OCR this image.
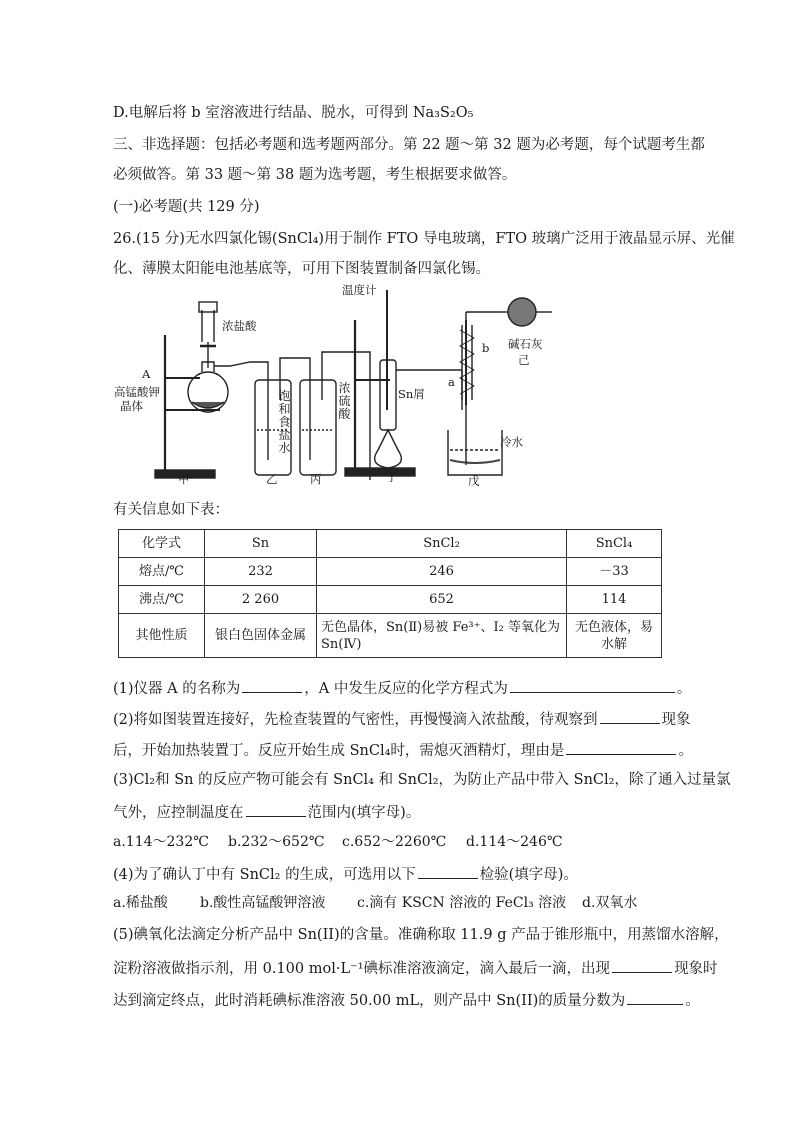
D.电解后将 b 室溶液进行结晶、脱水，可得到 Na₃S₂O₅
三、非选择题：包括必考题和选考题两部分。第 22 题～第 32 题为必考题，每个试题考生都
必须做答。第 33 题～第 38 题为选考题，考生根据要求做答。
(一)必考题(共 129 分)
26.(15 分)无水四氯化锡(SnCl₄)用于制作 FTO 导电玻璃，FTO 玻璃广泛用于液晶显示屏、光催
化、薄膜太阳能电池基底等，可用下图装置制备四氯化锡。
浓盐酸
A
高锰酸钾
晶体
饱和食盐水
浓硫酸
温度计
Sn屑
a
b 碱石灰
己
冷水
甲	乙	丙	丁	戊
有关信息如下表：
化学式	Sn	SnCl₂	SnCl₄
熔点/℃	232	246	－33
沸点/℃	2 260	652	114
其他性质	银白色固体金属	无色晶体，Sn(Ⅱ)易被 Fe³⁺、I₂ 等氧化为 Sn(Ⅳ)	无色液体，易水解
(1)仪器 A 的名称为	，A 中发生反应的化学方程式为	。
(2)将如图装置连接好，先检查装置的气密性，再慢慢滴入浓盐酸，待观察到	现象
后，开始加热装置丁。反应开始生成 SnCl₄时，需熄灭酒精灯，理由是	。
(3)Cl₂和 Sn 的反应产物可能会有 SnCl₄ 和 SnCl₂，为防止产品中带入 SnCl₂，除了通入过量氯
气外，应控制温度在	范围内(填字母)。
a.114～232℃ b.232～652℃ c.652～2260℃ d.114～246℃
(4)为了确认丁中有 SnCl₂ 的生成，可选用以下	检验(填字母)。
a.稀盐酸 b.酸性高锰酸钾溶液 c.滴有 KSCN 溶液的 FeCl₃ 溶液 d.双氧水
(5)碘氧化法滴定分析产品中 Sn(II)的含量。准确称取 11.9 g 产品于锥形瓶中，用蒸馏水溶解，
淀粉溶液做指示剂，用 0.100 mol·L⁻¹碘标准溶液滴定，滴入最后一滴，出现	现象时
达到滴定终点，此时消耗碘标准溶液 50.00 mL，则产品中 Sn(II)的质量分数为	。
